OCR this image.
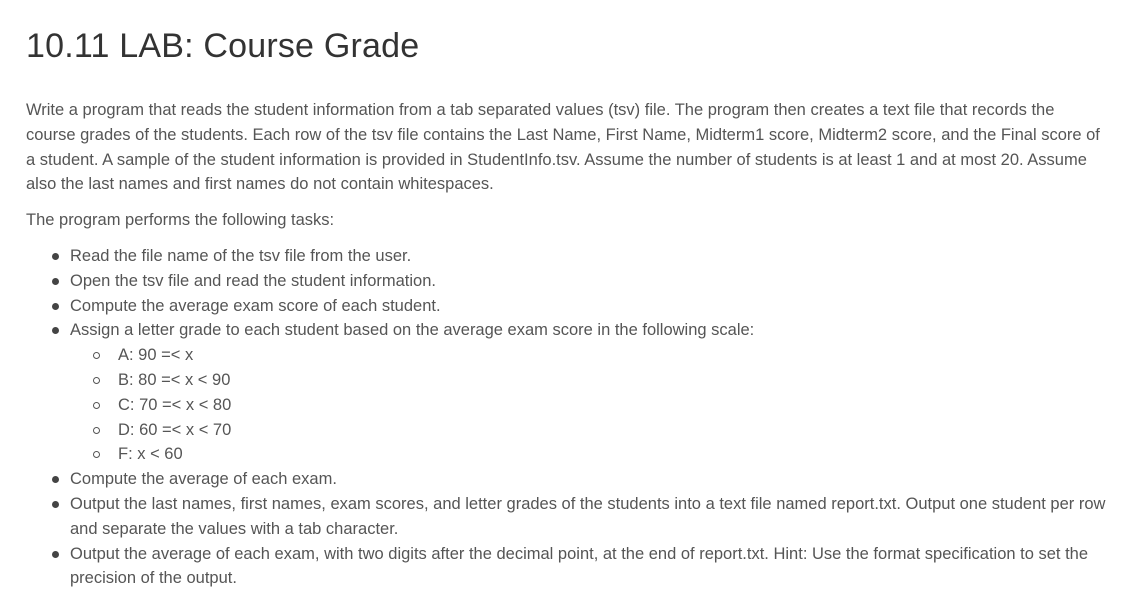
10.11 LAB: Course Grade

Write a program that reads the student information from a tab separated values (tsv) file. The program then creates a text file that records the course grades of the students. Each row of the tsv file contains the Last Name, First Name, Midterm1 score, Midterm2 score, and the Final score of a student. A sample of the student information is provided in StudentInfo.tsv. Assume the number of students is at least 1 and at most 20. Assume also the last names and first names do not contain whitespaces.

The program performs the following tasks:

Read the file name of the tsv file from the user.
Open the tsv file and read the student information.
Compute the average exam score of each student.
Assign a letter grade to each student based on the average exam score in the following scale:
A: 90 =< x
B: 80 =< x < 90
C: 70 =< x < 80
D: 60 =< x < 70
F: x < 60
Compute the average of each exam.
Output the last names, first names, exam scores, and letter grades of the students into a text file named report.txt. Output one student per row and separate the values with a tab character.
Output the average of each exam, with two digits after the decimal point, at the end of report.txt. Hint: Use the format specification to set the precision of the output.
